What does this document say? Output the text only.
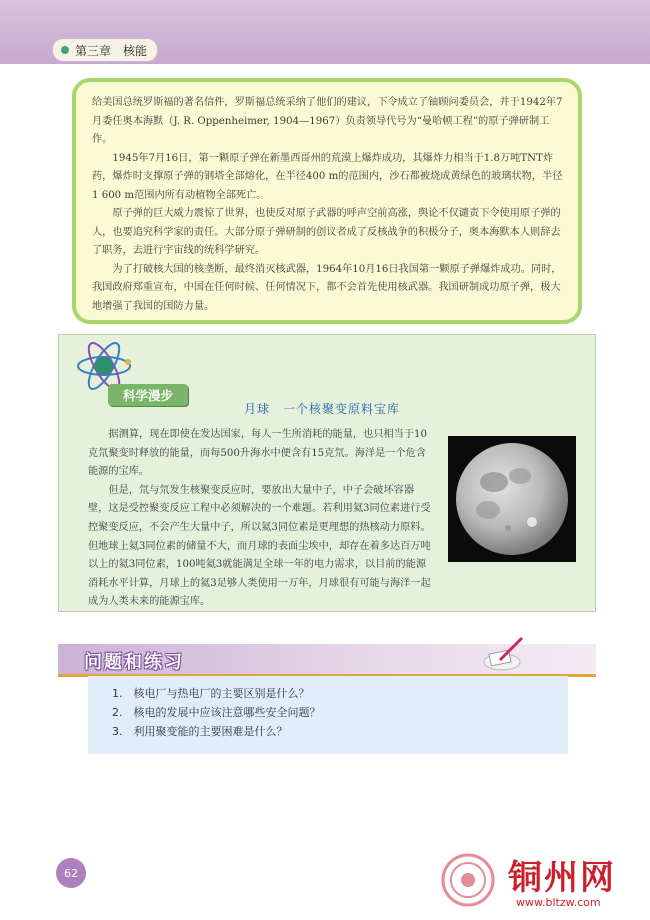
第三章　核能

给美国总统罗斯福的著名信件，罗斯福总统采纳了他们的建议，下令成立了铀顾问委员会，并于1942年7月委任奥本海默（J. R. Oppenheimer, 1904—1967）负责领导代号为“曼哈顿工程”的原子弹研制工作。

1945年7月16日，第一颗原子弹在新墨西哥州的荒漠上爆炸成功，其爆炸力相当于1.8万吨TNT炸药，爆炸时支撑原子弹的钢塔全部熔化，在半径400 m的范围内，沙石都被烧成黄绿色的玻璃状物，半径1 600 m范围内所有动植物全部死亡。

原子弹的巨大威力震惊了世界，也使反对原子武器的呼声空前高涨，舆论不仅谴责下令使用原子弹的人，也要追究科学家的责任。大部分原子弹研制的创议者成了反核战争的积极分子，奥本海默本人则辞去了职务，去进行宇宙线的统科学研究。

为了打破核大国的核垄断，最终消灭核武器，1964年10月16日我国第一颗原子弹爆炸成功。同时，我国政府郑重宣布，中国在任何时候、任何情况下，都不会首先使用核武器。我国研制成功原子弹，极大地增强了我国的国防力量。

科学漫步
月球　一个核聚变原料宝库

据测算，现在即使在发达国家，每人一生所消耗的能量，也只相当于10克氘聚变时释放的能量，而每500升海水中便含有15克氘。海洋是一个危含能源的宝库。

但是，氘与氘发生核聚变反应时，要放出大量中子，中子会破坏容器壁，这是受控聚变反应工程中必须解决的一个难题。若利用氦3同位素进行受控聚变反应，不会产生大量中子，所以氦3同位素是更理想的热核动力原料。但地球上氦3同位素的储量不大，而月球的表面尘埃中，却存在着多达百万吨以上的氦3同位素，100吨氦3就能满足全球一年的电力需求，以目前的能源消耗水平计算，月球上的氦3足够人类使用一万年，月球很有可能与海洋一起成为人类未来的能源宝库。

问题和练习
1. 核电厂与热电厂的主要区别是什么？
2. 核电的发展中应该注意哪些安全问题？
3. 利用聚变能的主要困难是什么？
62	铜州网
www.bltzw.com
